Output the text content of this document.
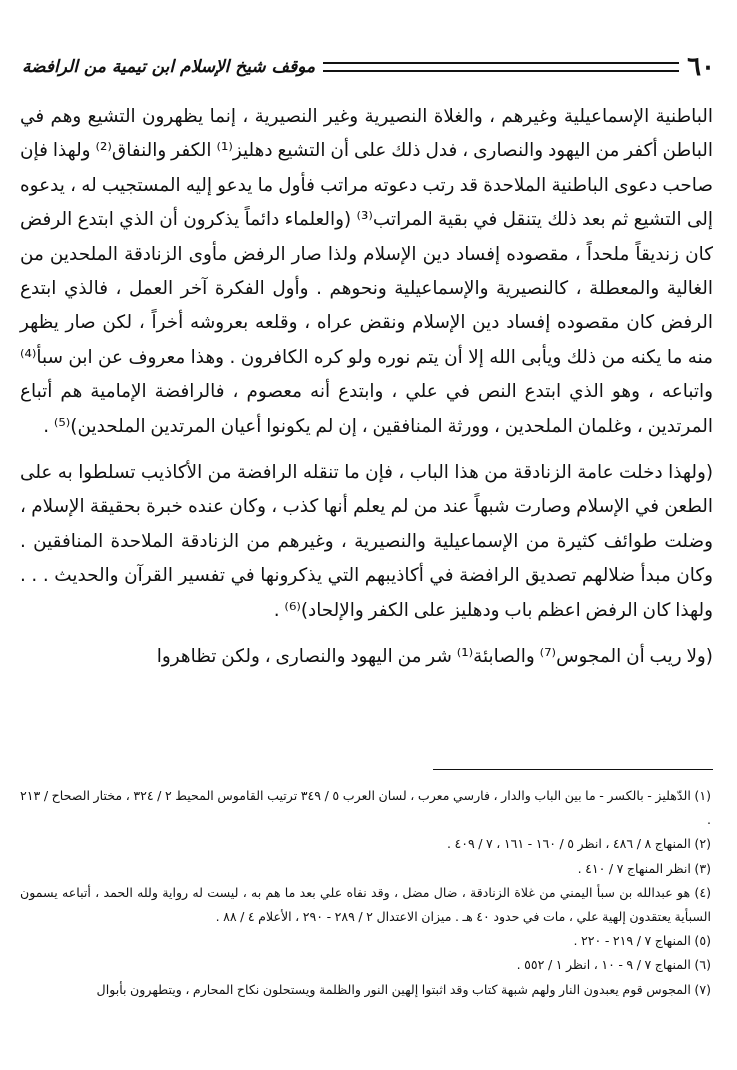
٦٠
موقف شيخ الإسلام ابن تيمية من الرافضة

الباطنية الإسماعيلية وغيرهم ، والغلاة النصيرية وغير النصيرية ، إنما يظهرون التشيع وهم في الباطن أكفر من اليهود والنصارى ، فدل ذلك على أن التشيع دهليز⁽¹⁾ الكفر والنفاق⁽²⁾ ولهذا فإن صاحب دعوى الباطنية الملاحدة قد رتب دعوته مراتب فأول ما يدعو إليه المستجيب له ، يدعوه إلى التشيع ثم بعد ذلك يتنقل في بقية المراتب⁽³⁾ (والعلماء دائماً يذكرون أن الذي ابتدع الرفض كان زنديقاً ملحداً ، مقصوده إفساد دين الإسلام ولذا صار الرفض مأوى الزنادقة الملحدين من الغالية والمعطلة ، كالنصيرية والإسماعيلية ونحوهم . وأول الفكرة آخر العمل ، فالذي ابتدع الرفض كان مقصوده إفساد دين الإسلام ونقض عراه ، وقلعه بعروشه أخراً ، لكن صار يظهر منه ما يكنه من ذلك ويأبى الله إلا أن يتم نوره ولو كره الكافرون . وهذا معروف عن ابن سبأ⁽⁴⁾ واتباعه ، وهو الذي ابتدع النص في علي ، وابتدع أنه معصوم ، فالرافضة الإمامية هم أتباع المرتدين ، وغلمان الملحدين ، وورثة المنافقين ، إن لم يكونوا أعيان المرتدين الملحدين)⁽⁵⁾ .

(ولهذا دخلت عامة الزنادقة من هذا الباب ، فإن ما تنقله الرافضة من الأكاذيب تسلطوا به على الطعن في الإسلام وصارت شبهاً عند من لم يعلم أنها كذب ، وكان عنده خبرة بحقيقة الإسلام ، وضلت طوائف كثيرة من الإسماعيلية والنصيرية ، وغيرهم من الزنادقة الملاحدة المنافقين . وكان مبدأ ضلالهم تصديق الرافضة في أكاذيبهم التي يذكرونها في تفسير القرآن والحديث . . . ولهذا كان الرفض اعظم باب ودهليز على الكفر والإلحاد)⁽⁶⁾ .

(ولا ريب أن المجوس⁽⁷⁾ والصابئة⁽¹⁾ شر من اليهود والنصارى ، ولكن تظاهروا

(١) الدّهليز - بالكسر - ما بين الباب والدار ، فارسي معرب ، لسان العرب ٥ / ٣٤٩ ترتيب القاموس المحيط ٢ / ٣٢٤ ، مختار الصحاح / ٢١٣ .

(٢) المنهاج ٨ / ٤٨٦ ، انظر ٥ / ١٦٠ - ١٦١ ، ٧ / ٤٠٩ .

(٣) انظر المنهاج ٧ / ٤١٠ .

(٤) هو عبدالله بن سبأ اليمني من غلاة الزنادقة ، ضال مضل ، وقد نفاه علي بعد ما هم به ، ليست له رواية ولله الحمد ، أتباعه يسمون السبأية يعتقدون إلهية علي ، مات في حدود ٤٠ هـ . ميزان الاعتدال ٢ / ٢٨٩ - ٢٩٠ ، الأعلام ٤ / ٨٨ .

(٥) المنهاج ٧ / ٢١٩ - ٢٢٠ .

(٦) المنهاج ٧ / ٩ - ١٠ ، انظر ١ / ٥٥٢ .

(٧) المجوس قوم يعبدون النار ولهم شبهة كتاب وقد اثبتوا إلهين النور والظلمة ويستحلون نكاح المحارم ، ويتطهرون بأبوال
